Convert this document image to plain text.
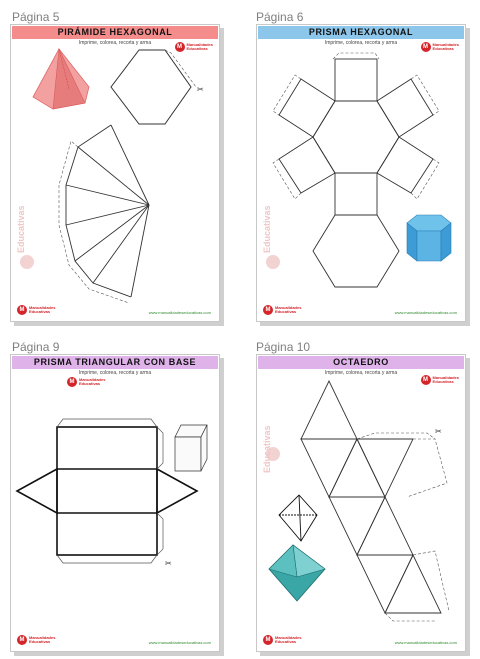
Página 5
PIRÁMIDE HEXAGONAL
Imprime, colorea, recorta y arma
M	Manualidades
Educativas
Educativas
M	Manualidades
Educativas	www.manualidadeseducativas.com
✂
Página 6
PRISMA HEXAGONAL
Imprime, colorea, recorta y arma
M	Manualidades
Educativas
Educativas
M	Manualidades
Educativas	www.manualidadeseducativas.com
Página 9
PRISMA TRIANGULAR CON BASE
Imprime, colorea, recorta y arma
M	Manualidades
Educativas
✂
M	Manualidades
Educativas	www.manualidadeseducativas.com
Página 10
OCTAEDRO
Imprime, colorea, recorta y arma
M	Manualidades
Educativas
✂
Educativas
M	Manualidades
Educativas	www.manualidadeseducativas.com
